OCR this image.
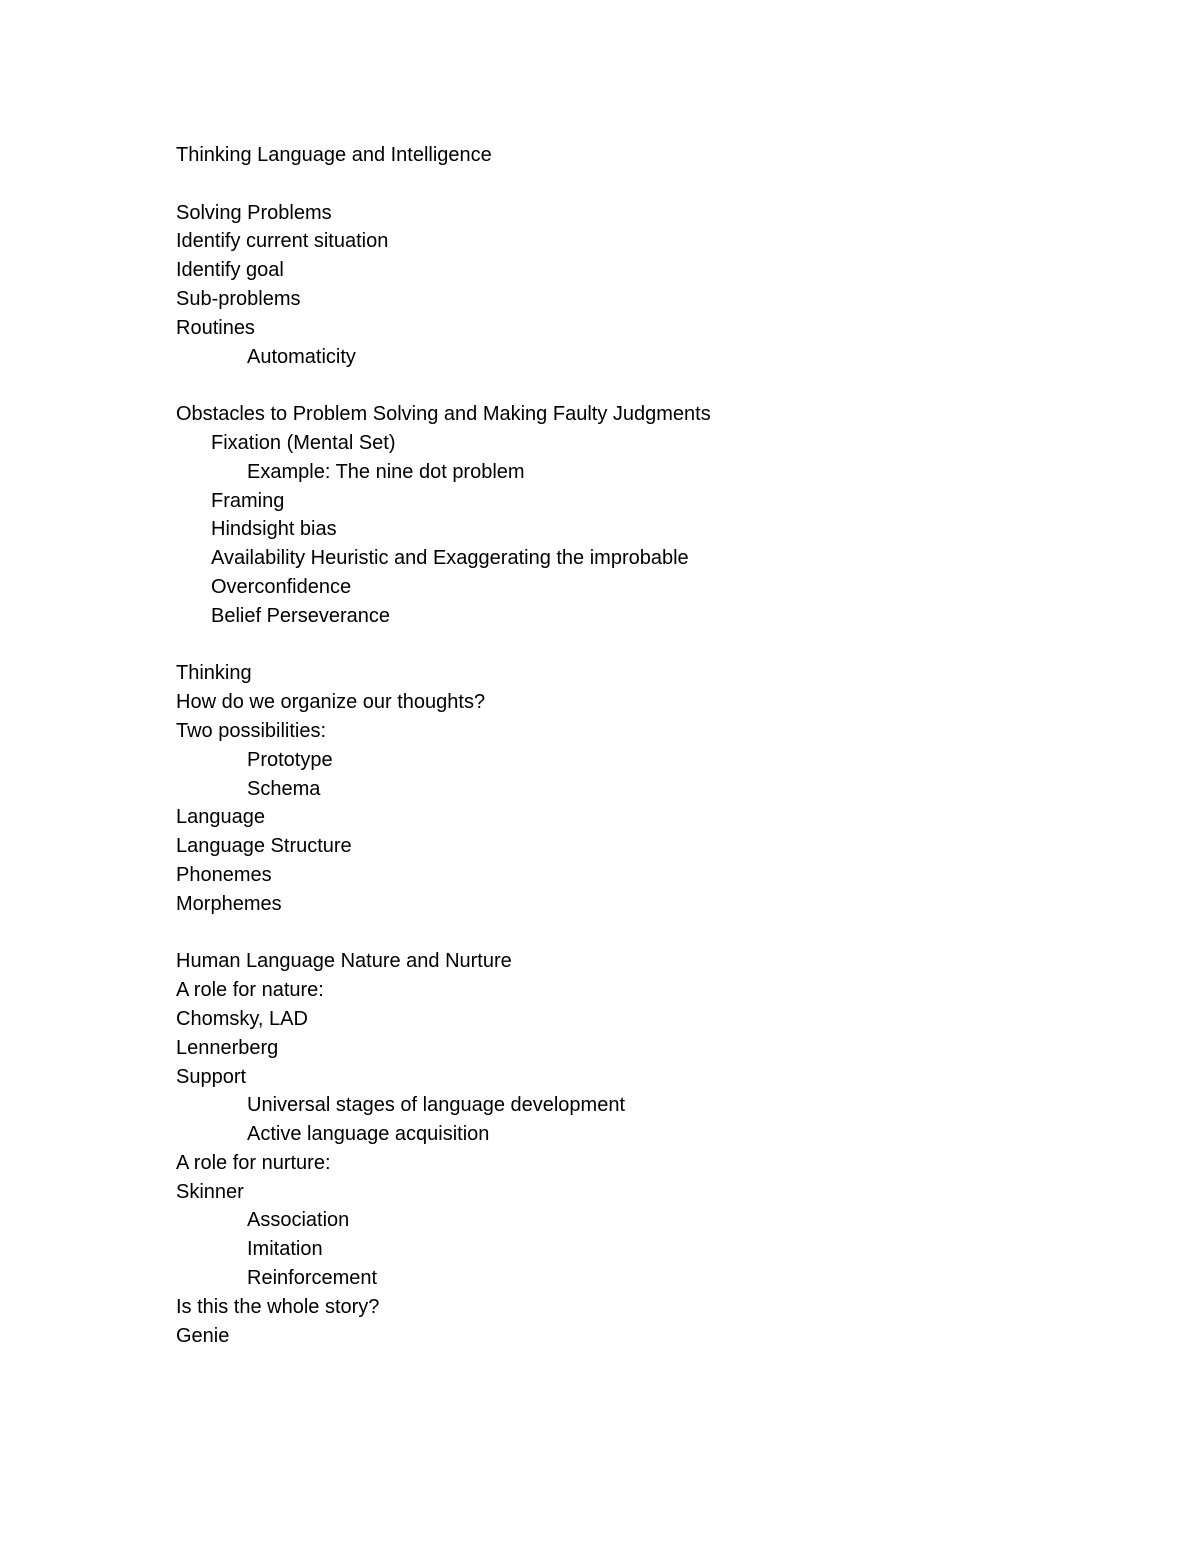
Thinking Language and Intelligence
Solving Problems
Identify current situation
Identify goal
Sub-problems
Routines
Automaticity
Obstacles to Problem Solving and Making Faulty Judgments
Fixation (Mental Set)
Example: The nine dot problem
Framing
Hindsight bias
Availability Heuristic and Exaggerating the improbable
Overconfidence
Belief Perseverance
Thinking
How do we organize our thoughts?
Two possibilities:
Prototype
Schema
Language
Language Structure
Phonemes
Morphemes
Human Language Nature and Nurture
A role for nature:
Chomsky, LAD
Lennerberg
Support
Universal stages of language development
Active language acquisition
A role for nurture:
Skinner
Association
Imitation
Reinforcement
Is this the whole story?
Genie
